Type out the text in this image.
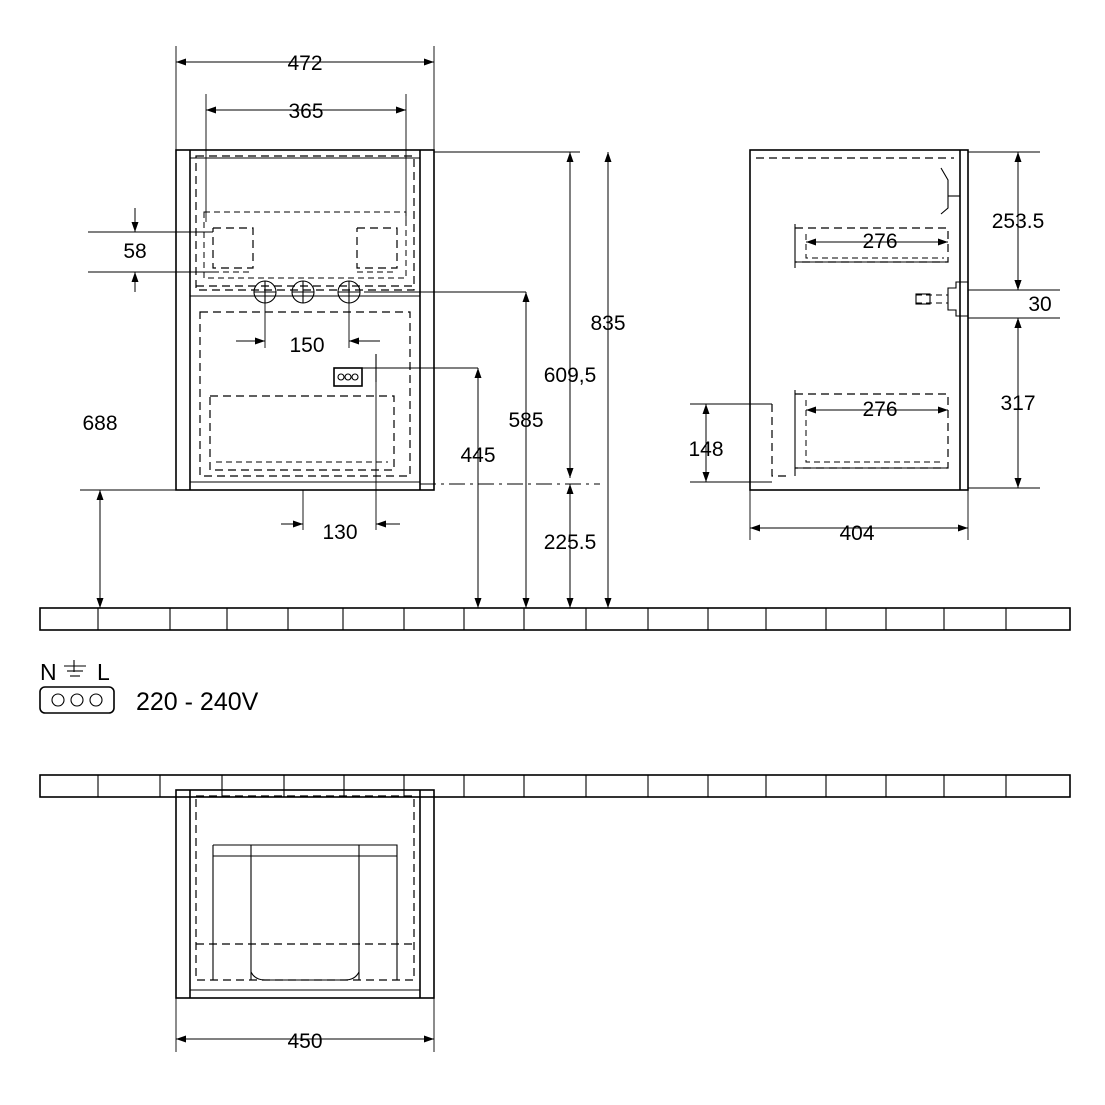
472
365
58
150
688
130
445
585
225.5
609,5
835
276
276
404
253.5
30
317
148
N L
220 - 240V
450
